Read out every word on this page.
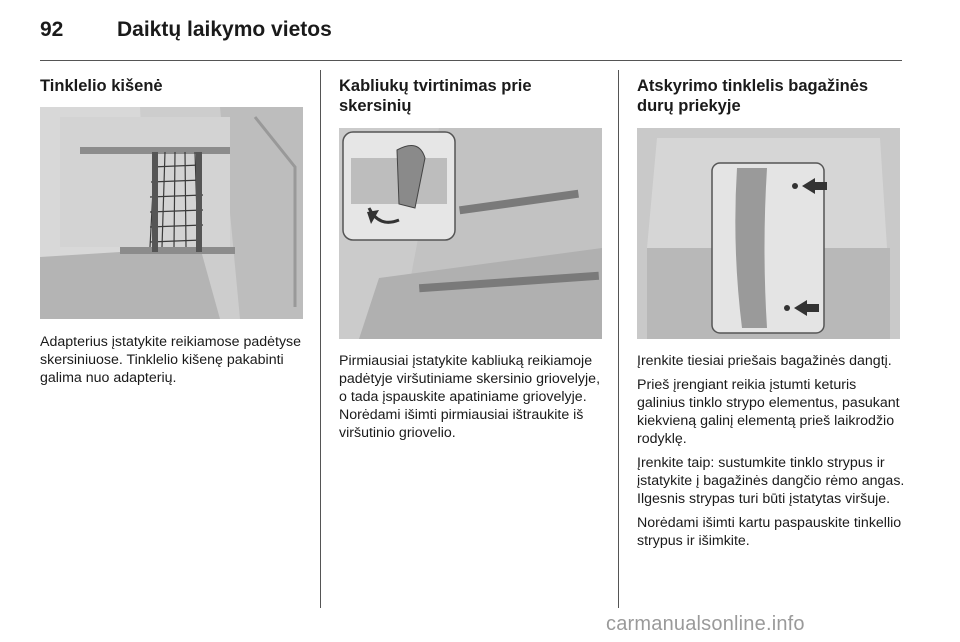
92	Daiktų laikymo vietos
Tinklelio kišenė

Adapterius įstatykite reikiamose padėtyse skersiniuose. Tinklelio kišenę pakabinti galima nuo adapterių.

Kabliukų tvirtinimas prie skersinių

Pirmiausiai įstatykite kabliuką reikiamoje padėtyje viršutiniame skersinio griovelyje, o tada įspauskite apatiniame griovelyje. Norėdami išimti pirmiausiai ištraukite iš viršutinio griovelio.

Atskyrimo tinklelis bagažinės durų priekyje

Įrenkite tiesiai priešais bagažinės dangtį.

Prieš įrengiant reikia įstumti keturis galinius tinklo strypo elementus, pasukant kiekvieną galinį elementą prieš laikrodžio rodyklę.

Įrenkite taip: sustumkite tinklo strypus ir įstatykite į bagažinės dangčio rėmo angas. Ilgesnis strypas turi būti įstatytas viršuje.

Norėdami išimti kartu paspauskite tinkellio strypus ir išimkite.

carmanualsonline.info
